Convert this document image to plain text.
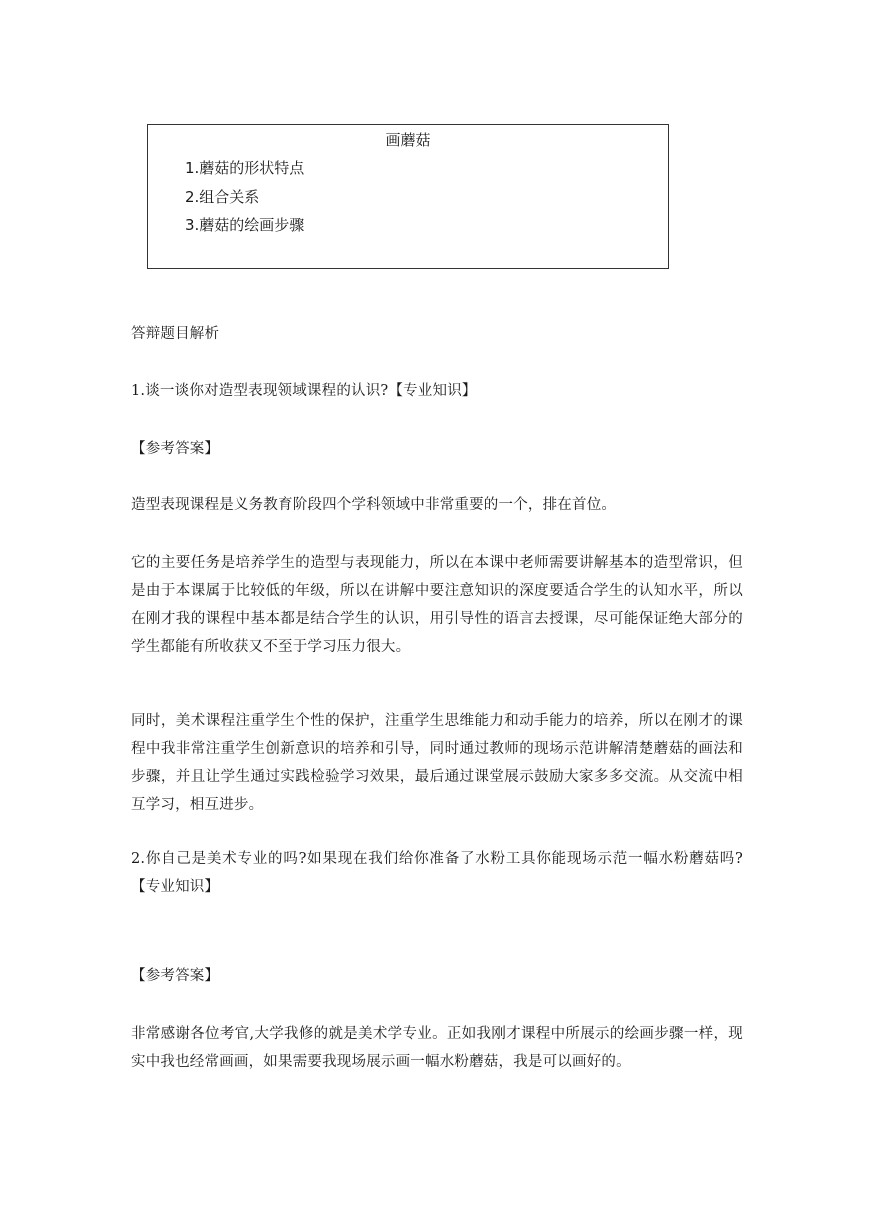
画蘑菇
1.蘑菇的形状特点
2.组合关系
3.蘑菇的绘画步骤

答辩题目解析

1.谈一谈你对造型表现领域课程的认识?【专业知识】

【参考答案】

造型表现课程是义务教育阶段四个学科领域中非常重要的一个，排在首位。

它的主要任务是培养学生的造型与表现能力，所以在本课中老师需要讲解基本的造型常识，但是由于本课属于比较低的年级，所以在讲解中要注意知识的深度要适合学生的认知水平，所以在刚才我的课程中基本都是结合学生的认识，用引导性的语言去授课，尽可能保证绝大部分的学生都能有所收获又不至于学习压力很大。

同时，美术课程注重学生个性的保护，注重学生思维能力和动手能力的培养，所以在刚才的课程中我非常注重学生创新意识的培养和引导，同时通过教师的现场示范讲解清楚蘑菇的画法和步骤，并且让学生通过实践检验学习效果，最后通过课堂展示鼓励大家多多交流。从交流中相互学习，相互进步。

2.你自己是美术专业的吗?如果现在我们给你准备了水粉工具你能现场示范一幅水粉蘑菇吗?【专业知识】

【参考答案】

非常感谢各位考官,大学我修的就是美术学专业。正如我刚才课程中所展示的绘画步骤一样，现实中我也经常画画，如果需要我现场展示画一幅水粉蘑菇，我是可以画好的。
